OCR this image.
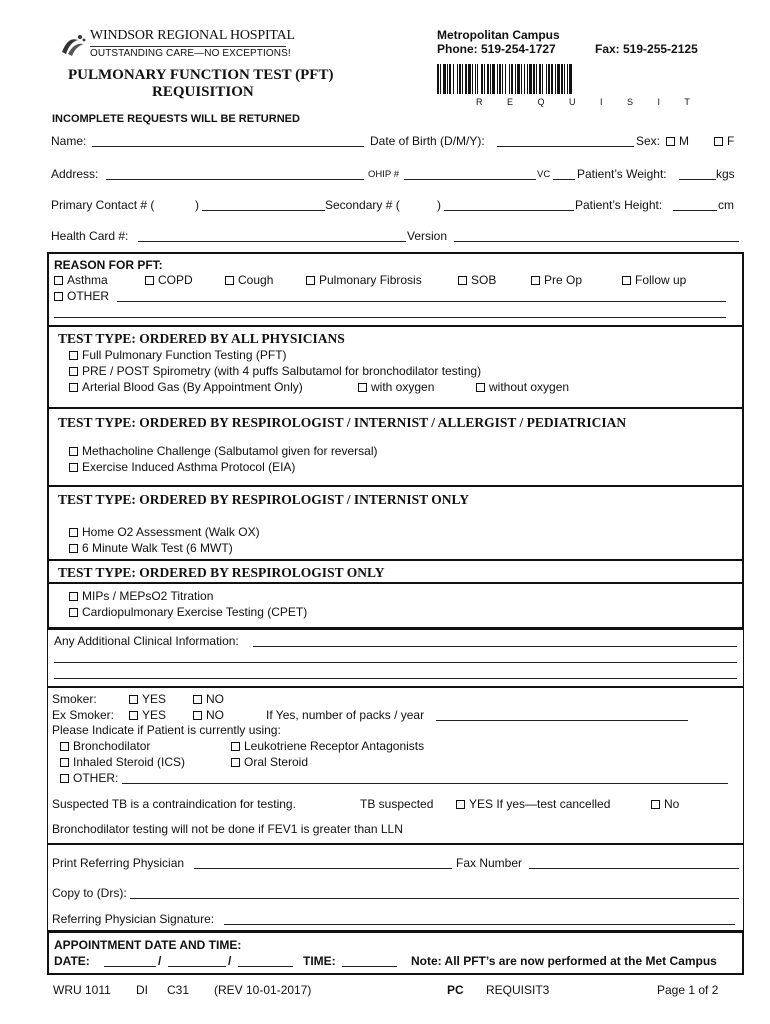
WINDSOR REGIONAL HOSPITAL
OUTSTANDING CARE—NO EXCEPTIONS!
Metropolitan Campus
Phone: 519-254-1727	Fax: 519-255-2125
PULMONARY FUNCTION TEST (PFT)
REQUISITION
R E Q U I S I T
INCOMPLETE REQUESTS WILL BE RETURNED
Name:	Date of Birth (D/M/Y):	Sex:	M	F
Address:	OHIP #	VC Patient’s Weight:	kgs
Primary Contact # (	)	Secondary # (	)	Patient’s Height:	cm
Health Card #:	Version
REASON FOR PFT:
Asthma	COPD	Cough	Pulmonary Fibrosis	SOB	Pre Op	Follow up
OTHER
TEST TYPE: ORDERED BY ALL PHYSICIANS
Full Pulmonary Function Testing (PFT)
PRE / POST Spirometry (with 4 puffs Salbutamol for bronchodilator testing)
Arterial Blood Gas (By Appointment Only)	with oxygen	without oxygen
TEST TYPE: ORDERED BY RESPIROLOGIST / INTERNIST / ALLERGIST / PEDIATRICIAN
Methacholine Challenge (Salbutamol given for reversal)
Exercise Induced Asthma Protocol (EIA)
TEST TYPE: ORDERED BY RESPIROLOGIST / INTERNIST ONLY
Home O2 Assessment (Walk OX)
6 Minute Walk Test (6 MWT)
TEST TYPE: ORDERED BY RESPIROLOGIST ONLY
MIPs / MEPsO2 Titration
Cardiopulmonary Exercise Testing (CPET)
Any Additional Clinical Information:
Smoker:	YES	NO
Ex Smoker:	YES	NO	If Yes, number of packs / year
Please Indicate if Patient is currently using:
Bronchodilator	Leukotriene Receptor Antagonists
Inhaled Steroid (ICS)	Oral Steroid
OTHER:
Suspected TB is a contraindication for testing.	TB suspected	YES If yes—test cancelled	No
Bronchodilator testing will not be done if FEV1 is greater than LLN
Print Referring Physician	Fax Number
Copy to (Drs):
Referring Physician Signature:
APPOINTMENT DATE AND TIME:
DATE:	/	/	TIME:	Note: All PFT’s are now performed at the Met Campus
WRU 1011 DI C31 (REV 10-01-2017)	PC REQUISIT3	Page 1 of 2
